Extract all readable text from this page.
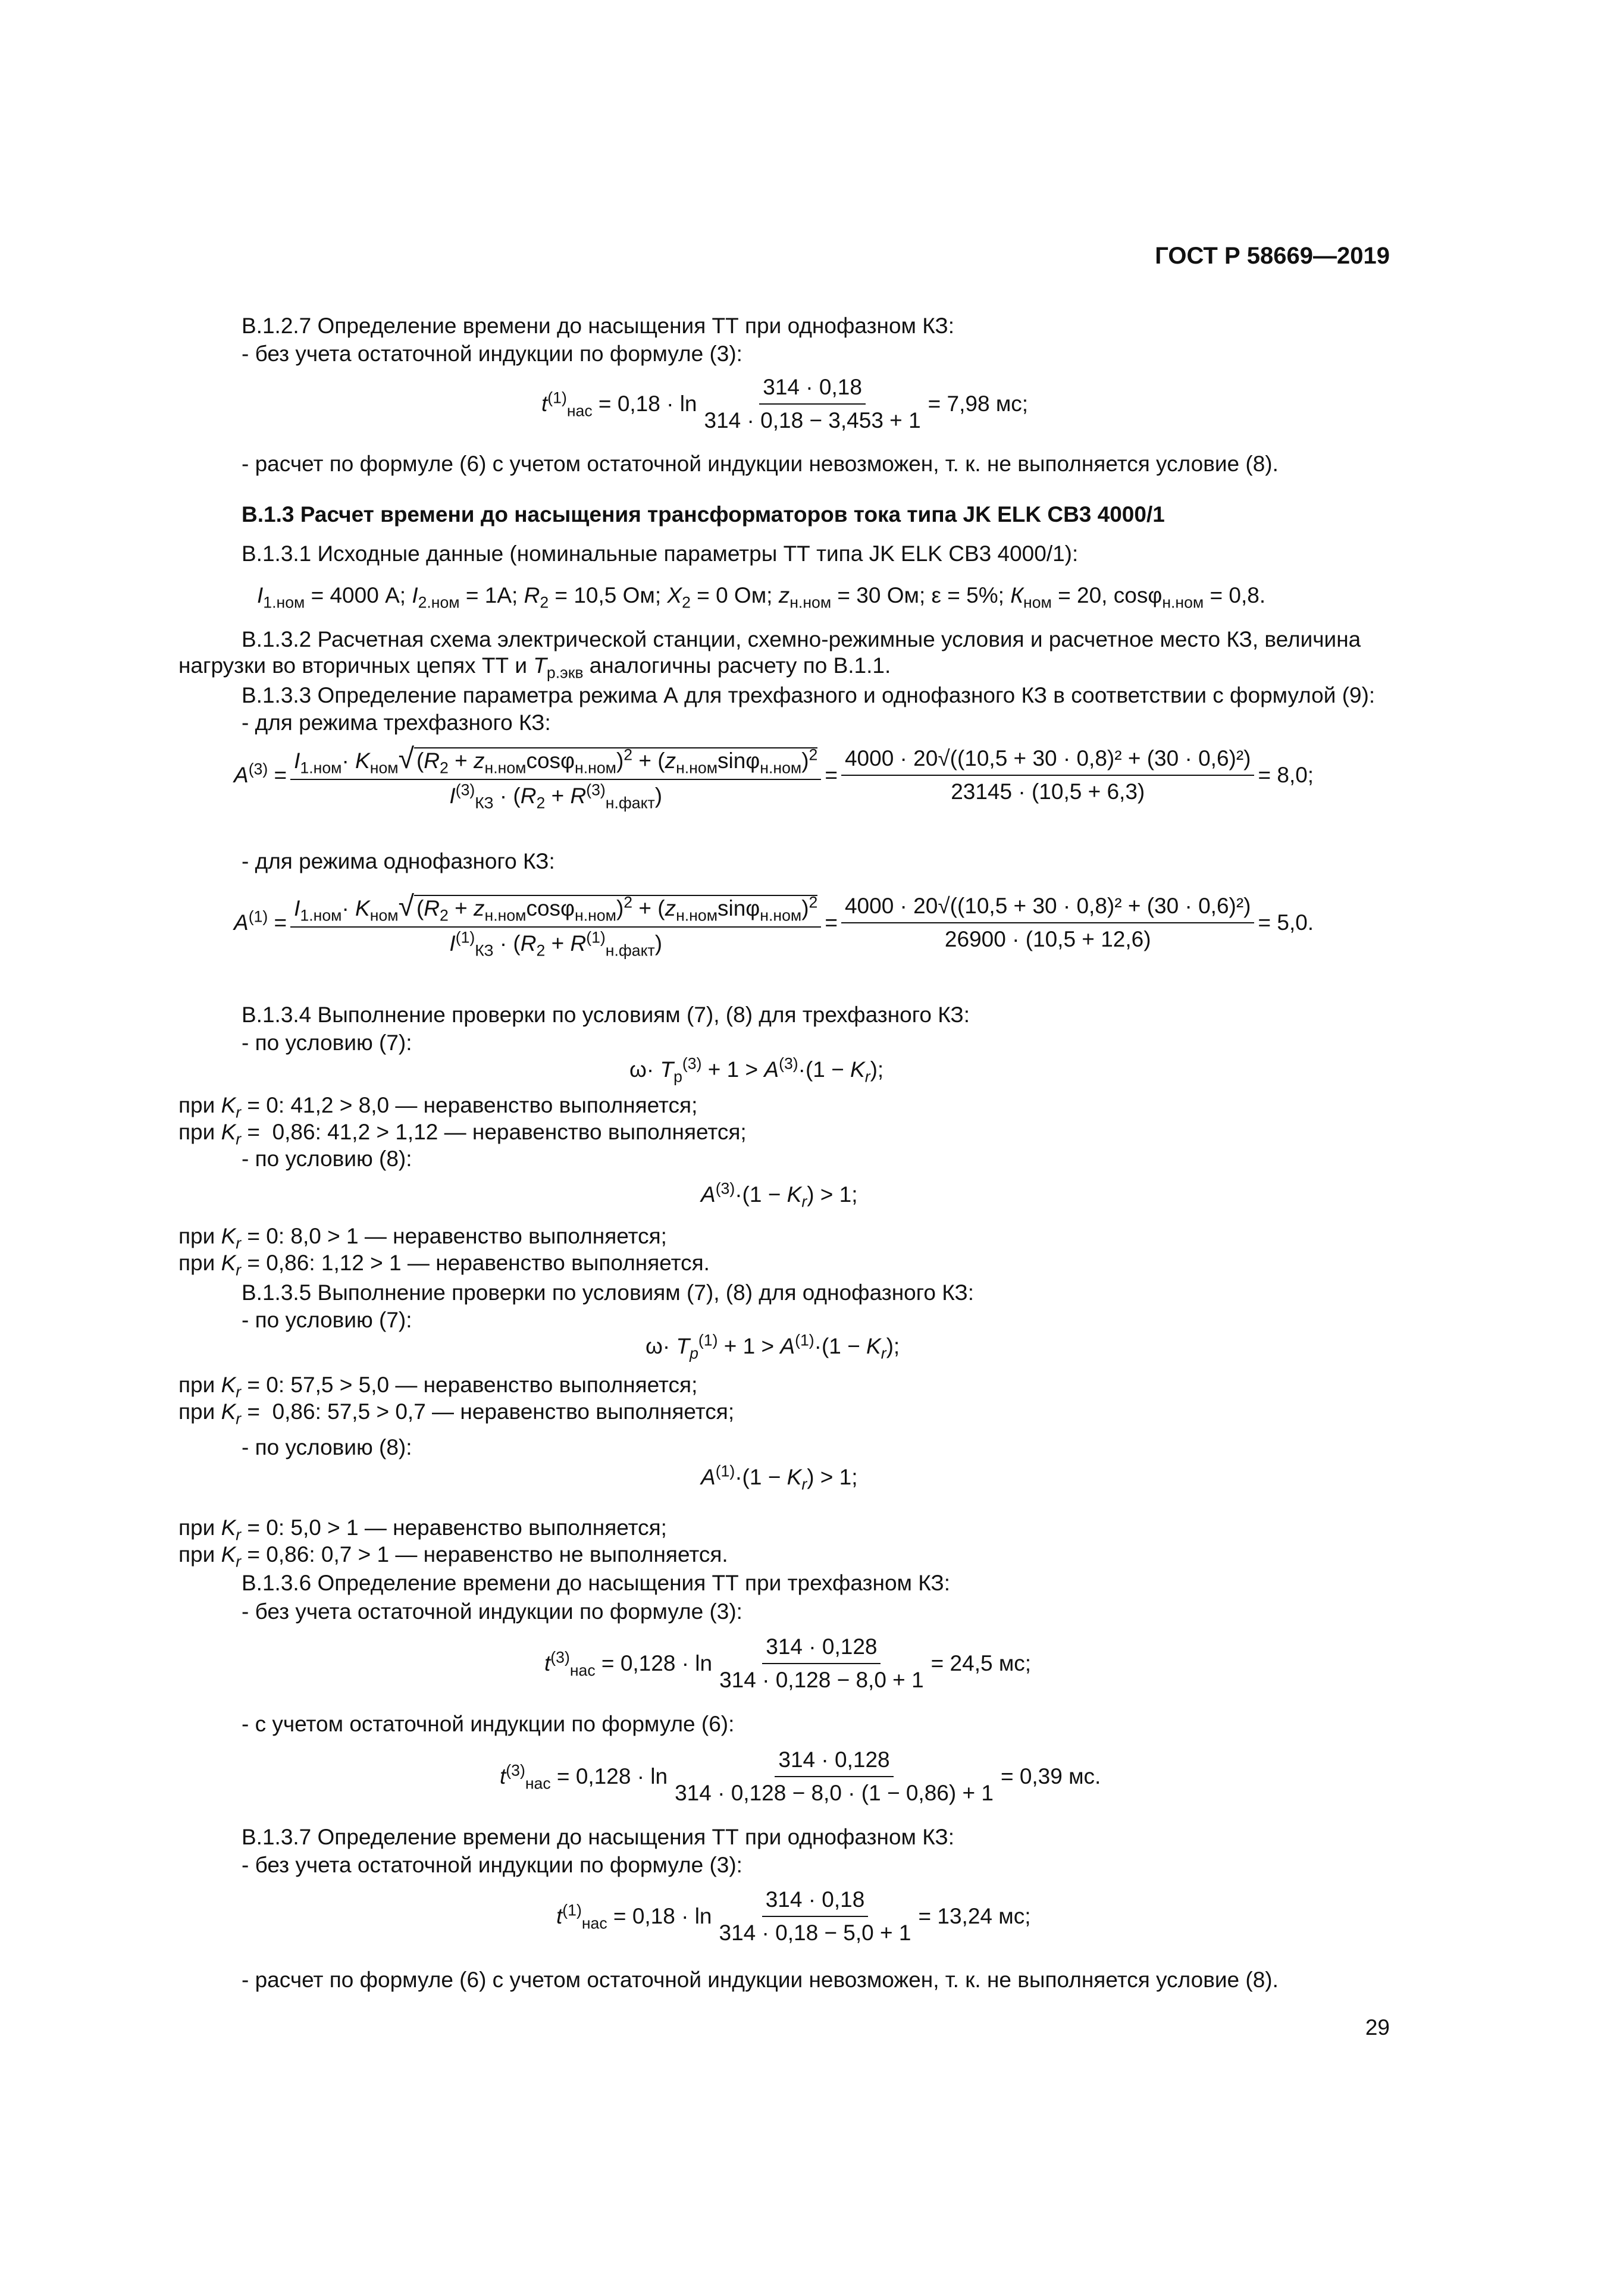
ГОСТ Р 58669—2019
В.1.2.7 Определение времени до насыщения ТТ при однофазном КЗ:
- без учета остаточной индукции по формуле (3):
$t^{(1)}_{нас} = 0,18 \cdot \ln \frac{314 \cdot 0,18}{314 \cdot 0,18 - 3,453 + 1} = 7,98$ мс;
- расчет по формуле (6) с учетом остаточной индукции невозможен, т. к. не выполняется условие (8).
В.1.3 Расчет времени до насыщения трансформаторов тока типа JK ELK CB3 4000/1
В.1.3.1 Исходные данные (номинальные параметры ТТ типа JK ELK CB3 4000/1):
$I_{1.ном} = 4000$ А; $I_{2.ном} = 1А$; $R_2 = 10,5$ Ом; $X_2 = 0$ Ом; $z_{н.ном} = 30$ Ом; ε = 5%; $К_{ном} = 20$, cosφ$_{н.ном}$ = 0,8.
В.1.3.2 Расчетная схема электрической станции, схемно-режимные условия и расчетное место КЗ, величина
нагрузки во вторичных цепях ТТ и $T_{р.экв}$ аналогичны расчету по В.1.1.
В.1.3.3 Определение параметра режима А для трехфазного и однофазного КЗ в соответствии с формулой (9):
- для режима трехфазного КЗ:
$A^{(3)} = \frac{I_{1.ном}\cdot K_{ном}√ (R_2 + z_{н.ном}\cos\varphi_{н.ном})^2 + (z_{н.ном}\sin\varphi_{н.ном})^2}{I^{(3)}_{КЗ} \cdot (R_2 + R^{(3)}_{н.факт})} = \frac{\text{4000 · 20√((10,5 + 30 · 0,8)² + (30 · 0,6)²)}}{23145 \cdot (10,5 + 6,3)} = 8,0$;
- для режима однофазного КЗ:
$A^{(1)} = \frac{I_{1.ном}\cdot K_{ном}√ (R_2 + z_{н.ном}\cos\varphi_{н.ном})^2 + (z_{н.ном}\sin\varphi_{н.ном})^2}{I^{(1)}_{КЗ} \cdot (R_2 + R^{(1)}_{н.факт})} = \frac{\text{4000 · 20√((10,5 + 30 · 0,8)² + (30 · 0,6)²)}}{26900 \cdot (10,5 + 12,6)} = 5,0$.
В.1.3.4 Выполнение проверки по условиям (7), (8) для трехфазного КЗ:
- по условию (7):
$\omega\cdot T_р^{(3)} + 1 > A^{(3)}\cdot(1 - K_r)$;
при $K_r = 0$: 41,2 > 8,0 — неравенство выполняется;
при $K_r = 0,86$: 41,2 > 1,12 — неравенство выполняется;
- по условию (8):
$A^{(3)}\cdot(1 - K_r) > 1$;
при $K_r = 0$: 8,0 > 1 — неравенство выполняется;
при $K_r = 0,86$: 1,12 > 1 — неравенство выполняется.
В.1.3.5 Выполнение проверки по условиям (7), (8) для однофазного КЗ:
- по условию (7):
$\omega\cdot T_p^{(1)} + 1 > A^{(1)}\cdot(1 - K_r)$;
при $K_r = 0$: 57,5 > 5,0 — неравенство выполняется;
при $K_r = 0,86$: 57,5 > 0,7 — неравенство выполняется;
- по условию (8):
$A^{(1)}\cdot(1 - K_r) > 1$;
при $K_r = 0$: 5,0 > 1 — неравенство выполняется;
при $K_r = 0,86$: 0,7 > 1 — неравенство не выполняется.
В.1.3.6 Определение времени до насыщения ТТ при трехфазном КЗ:
- без учета остаточной индукции по формуле (3):
$t^{(3)}_{нас} = 0,128 \cdot \ln \frac{314 \cdot 0,128}{314 \cdot 0,128 - 8,0 + 1} = 24,5$ мс;
- с учетом остаточной индукции по формуле (6):
$t^{(3)}_{нас} = 0,128 \cdot \ln \frac{314 \cdot 0,128}{314 \cdot 0,128 - 8,0 \cdot (1 - 0,86) + 1} = 0,39$ мс.
В.1.3.7 Определение времени до насыщения ТТ при однофазном КЗ:
- без учета остаточной индукции по формуле (3):
$t^{(1)}_{нас} = 0,18 \cdot \ln \frac{314 \cdot 0,18}{314 \cdot 0,18 - 5,0 + 1} = 13,24$ мс;
- расчет по формуле (6) с учетом остаточной индукции невозможен, т. к. не выполняется условие (8).
29
